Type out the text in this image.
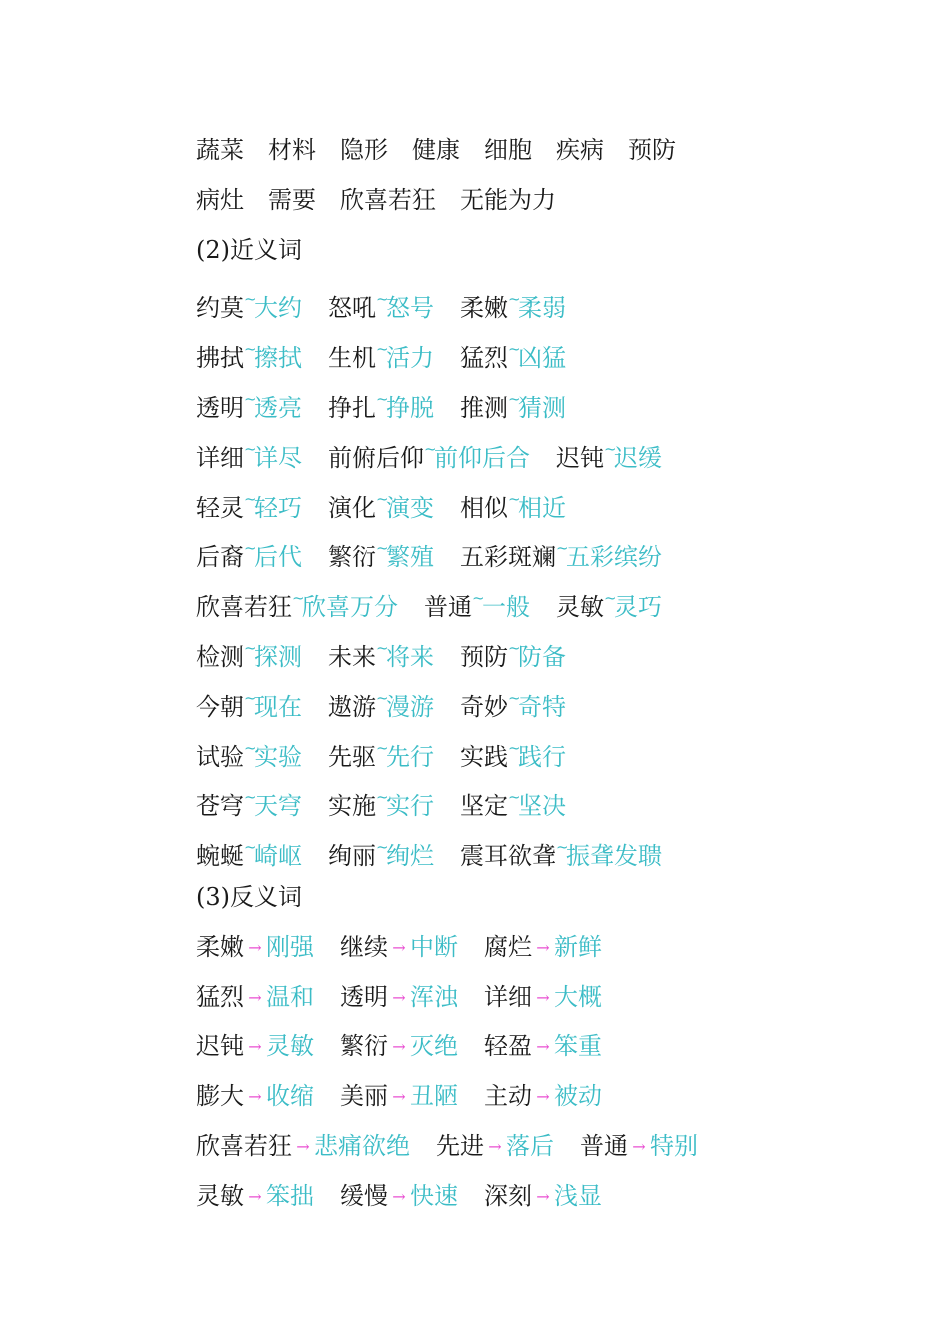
蔬菜 材料 隐形 健康 细胞 疾病 预防
病灶 需要 欣喜若狂 无能为力
(2)近义词
约莫~大约 怒吼~怒号 柔嫩~柔弱
拂拭~擦拭 生机~活力 猛烈~凶猛
透明~透亮 挣扎~挣脱 推测~猜测
详细~详尽 前俯后仰~前仰后合 迟钝~迟缓
轻灵~轻巧 演化~演变 相似~相近
后裔~后代 繁衍~繁殖 五彩斑斓~五彩缤纷
欣喜若狂~欣喜万分 普通~一般 灵敏~灵巧
检测~探测 未来~将来 预防~防备
今朝~现在 遨游~漫游 奇妙~奇特
试验~实验 先驱~先行 实践~践行
苍穹~天穹 实施~实行 坚定~坚决
蜿蜒~崎岖 绚丽~绚烂 震耳欲聋~振聋发聩
(3)反义词
柔嫩 → 刚强 继续 → 中断 腐烂 → 新鲜
猛烈 → 温和 透明 → 浑浊 详细 → 大概
迟钝 → 灵敏 繁衍 → 灭绝 轻盈 → 笨重
膨大 → 收缩 美丽 → 丑陋 主动 → 被动
欣喜若狂 → 悲痛欲绝 先进 → 落后 普通 → 特别
灵敏 → 笨拙 缓慢 → 快速 深刻 → 浅显
